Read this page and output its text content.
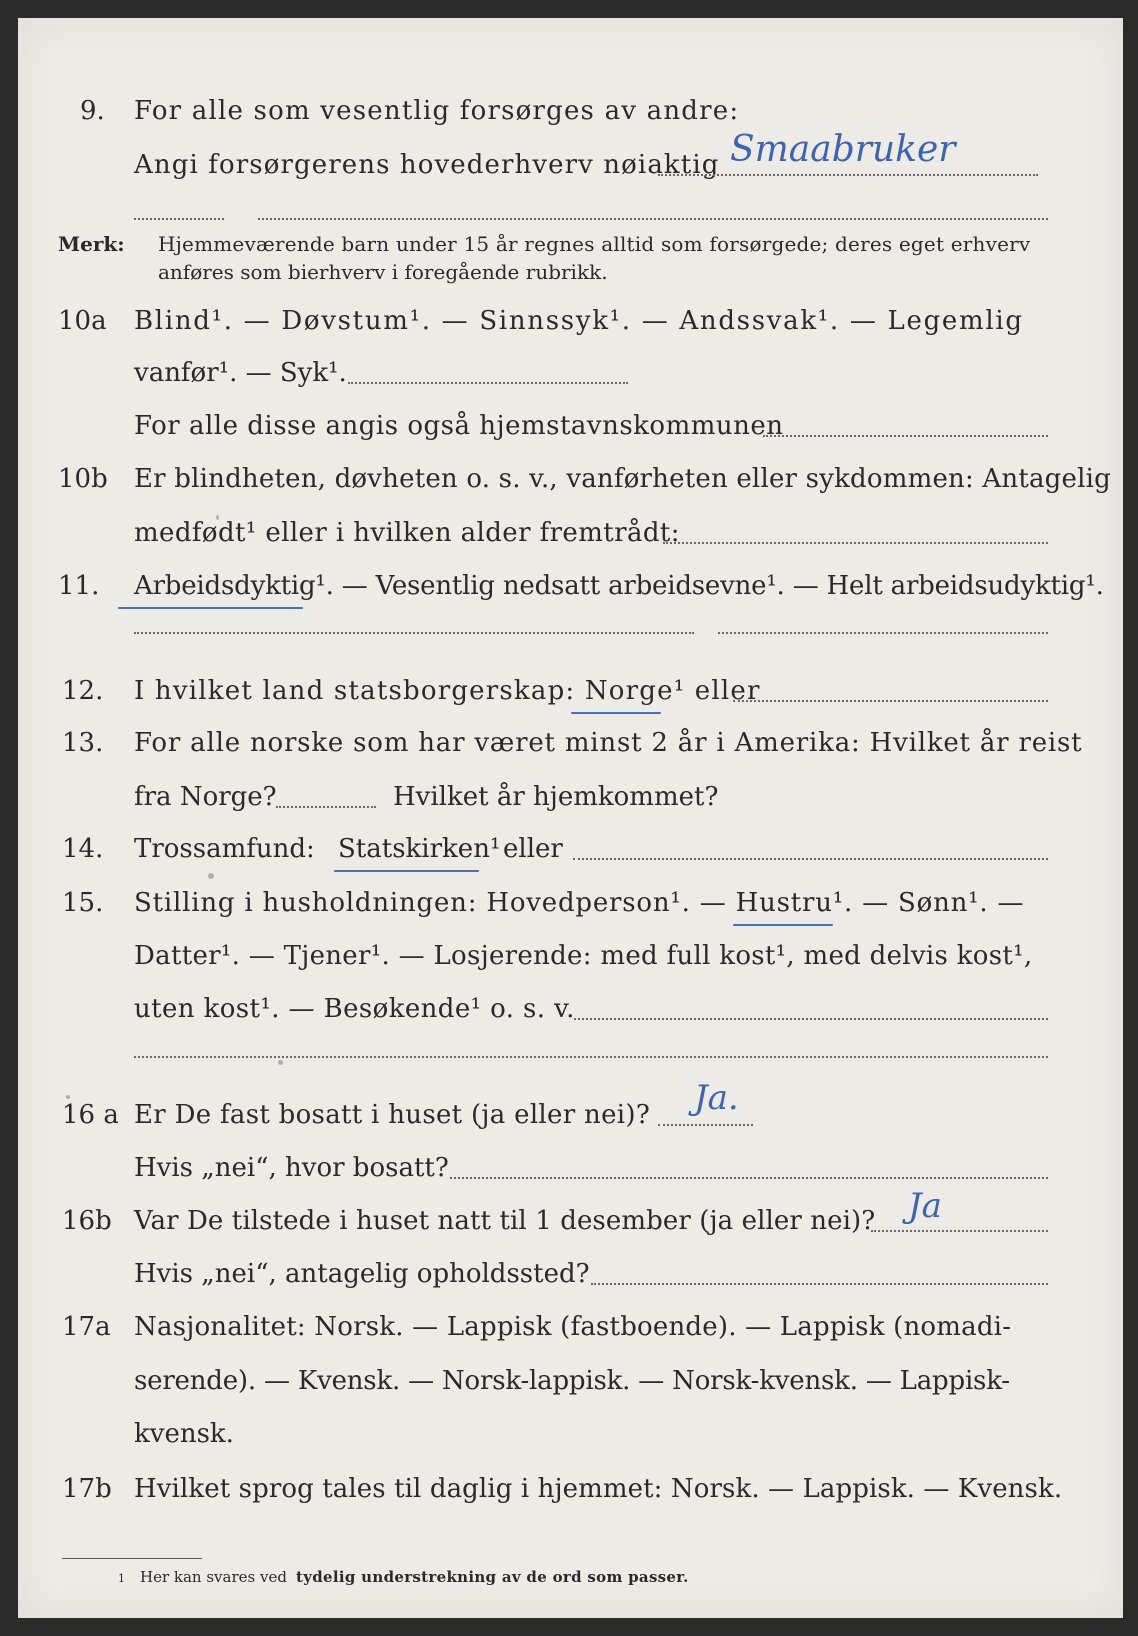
9. For alle som vesentlig forsørges av andre:
Angi forsørgerens hovederhverv nøiaktig Smaabruker
Merk: Hjemmeværende barn under 15 år regnes alltid som forsørgede; deres eget erhverv
anføres som bierhverv i foregående rubrikk.
10a Blind¹. — Døvstum¹. — Sinnssyk¹. — Andssvak¹. — Legemlig
vanfør¹. — Syk¹.
For alle disse angis også hjemstavnskommunen
10b Er blindheten, døvheten o. s. v., vanførheten eller sykdommen: Antagelig
medfødt¹ eller i hvilken alder fremtrådt:
11. Arbeidsdyktig¹. — Vesentlig nedsatt arbeidsevne¹. — Helt arbeidsudyktig¹.
12. I hvilket land statsborgerskap: Norge¹ eller
13. For alle norske som har været minst 2 år i Amerika: Hvilket år reist
fra Norge?	Hvilket år hjemkommet?
14. Trossamfund: Statskirken¹ eller
15. Stilling i husholdningen: Hovedperson¹. — Hustru¹. — Sønn¹. —
Datter¹. — Tjener¹. — Losjerende: med full kost¹, med delvis kost¹,
uten kost¹. — Besøkende¹ o. s. v.
16 a Er De fast bosatt i huset (ja eller nei)? Ja.
Hvis „nei“, hvor bosatt?
16b Var De tilstede i huset natt til 1 desember (ja eller nei)? Ja
Hvis „nei“, antagelig opholdssted?
17a Nasjonalitet: Norsk. — Lappisk (fastboende). — Lappisk (nomadi-
serende). — Kvensk. — Norsk-lappisk. — Norsk-kvensk. — Lappisk-
kvensk.
17b Hvilket sprog tales til daglig i hjemmet: Norsk. — Lappisk. — Kvensk.
1 Her kan svares ved tydelig understrekning av de ord som passer.
